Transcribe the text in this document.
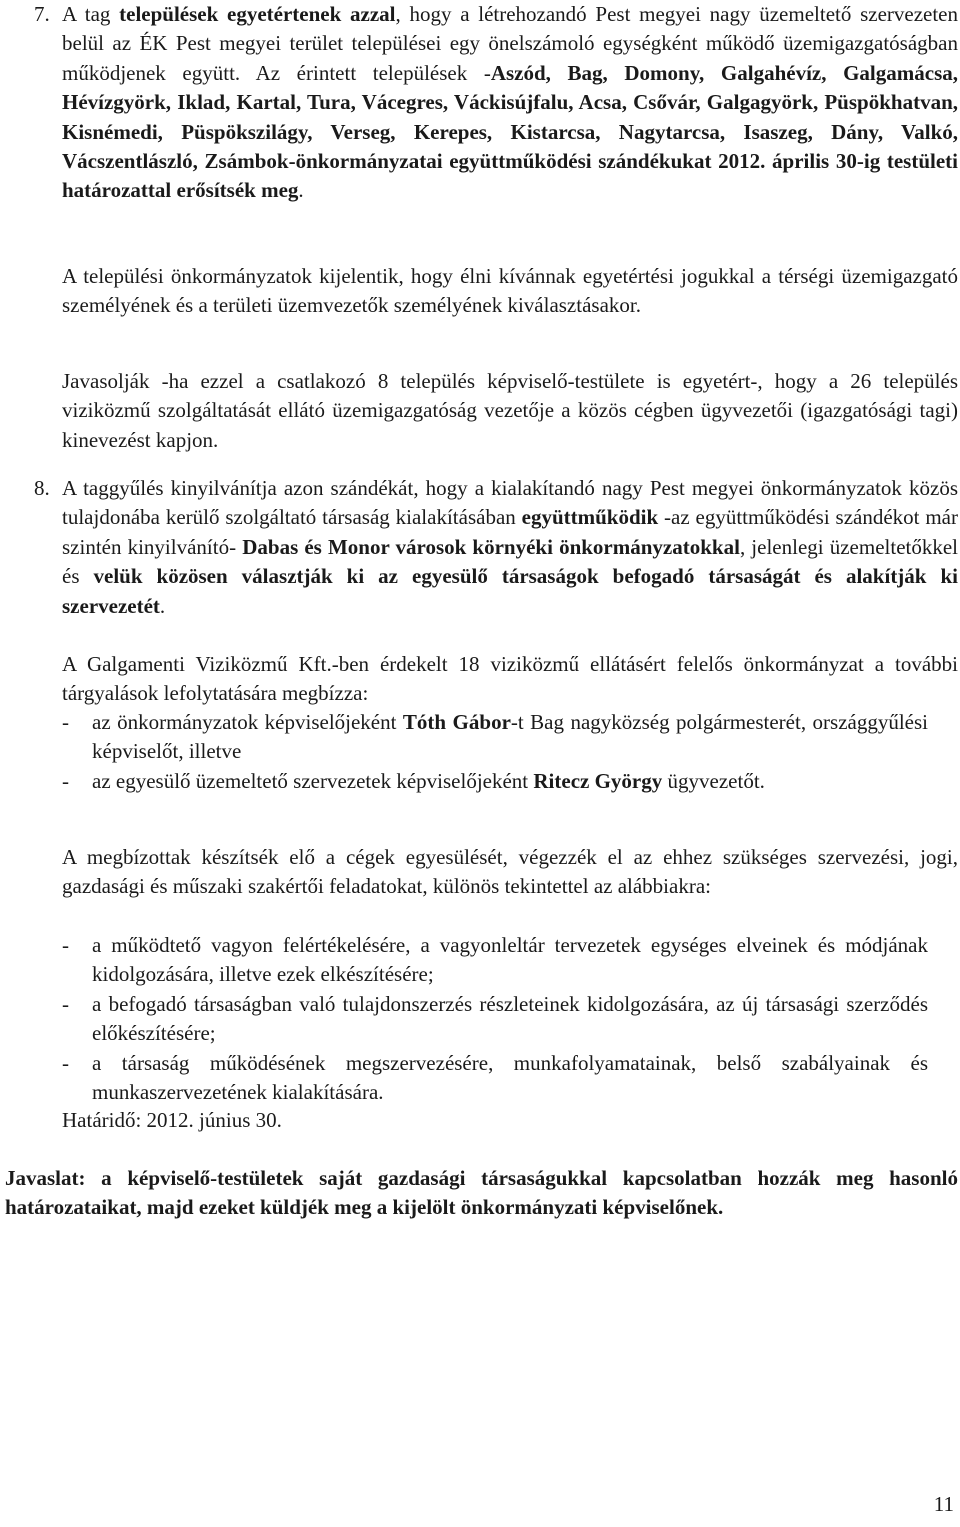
7. A tag települések egyetértenek azzal, hogy a létrehozandó Pest megyei nagy üzemeltető szervezeten belül az ÉK Pest megyei terület települései egy önelszámoló egységként működő üzemigazgatóságban működjenek együtt. Az érintett települések -Aszód, Bag, Domony, Galgahévíz, Galgamácsa, Hévízgyörk, Iklad, Kartal, Tura, Vácegres, Váckisújfalu, Acsa, Csővár, Galgagyörk, Püspökhatvan, Kisnémedi, Püspökszilágy, Verseg, Kerepes, Kistarcsa, Nagytarcsa, Isaszeg, Dány, Valkó, Vácszentlászló, Zsámbok-önkormányzatai együttműködési szándékukat 2012. április 30-ig testületi határozattal erősítsék meg.

A települési önkormányzatok kijelentik, hogy élni kívánnak egyetértési jogukkal a térségi üzemigazgató személyének és a területi üzemvezetők személyének kiválasztásakor.

Javasolják -ha ezzel a csatlakozó 8 település képviselő-testülete is egyetért-, hogy a 26 település viziközmű szolgáltatását ellátó üzemigazgatóság vezetője a közös cégben ügyvezetői (igazgatósági tagi) kinevezést kapjon.

8. A taggyűlés kinyilvánítja azon szándékát, hogy a kialakítandó nagy Pest megyei önkormányzatok közös tulajdonába kerülő szolgáltató társaság kialakításában együttműködik -az együttműködési szándékot már szintén kinyilvánító- Dabas és Monor városok környéki önkormányzatokkal, jelenlegi üzemeltetőkkel és velük közösen választják ki az egyesülő társaságok befogadó társaságát és alakítják ki szervezetét.

A Galgamenti Viziközmű Kft.-ben érdekelt 18 viziközmű ellátásért felelős önkormányzat a további tárgyalások lefolytatására megbízza:

-	az önkormányzatok képviselőjeként Tóth Gábor-t Bag nagyközség polgármesterét, országgyűlési képviselőt, illetve
-	az egyesülő üzemeltető szervezetek képviselőjeként Ritecz György ügyvezetőt.

A megbízottak készítsék elő a cégek egyesülését, végezzék el az ehhez szükséges szervezési, jogi, gazdasági és műszaki szakértői feladatokat, különös tekintettel az alábbiakra:

-	a működtető vagyon felértékelésére, a vagyonleltár tervezetek egységes elveinek és módjának kidolgozására, illetve ezek elkészítésére;
-	a befogadó társaságban való tulajdonszerzés részleteinek kidolgozására, az új társasági szerződés előkészítésére;
-	a társaság működésének megszervezésére, munkafolyamatainak, belső szabályainak és munkaszervezetének kialakítására.

Határidő: 2012. június 30.

Javaslat: a képviselő-testületek saját gazdasági társaságukkal kapcsolatban hozzák meg hasonló határozataikat, majd ezeket küldjék meg a kijelölt önkormányzati képviselőnek.

11
